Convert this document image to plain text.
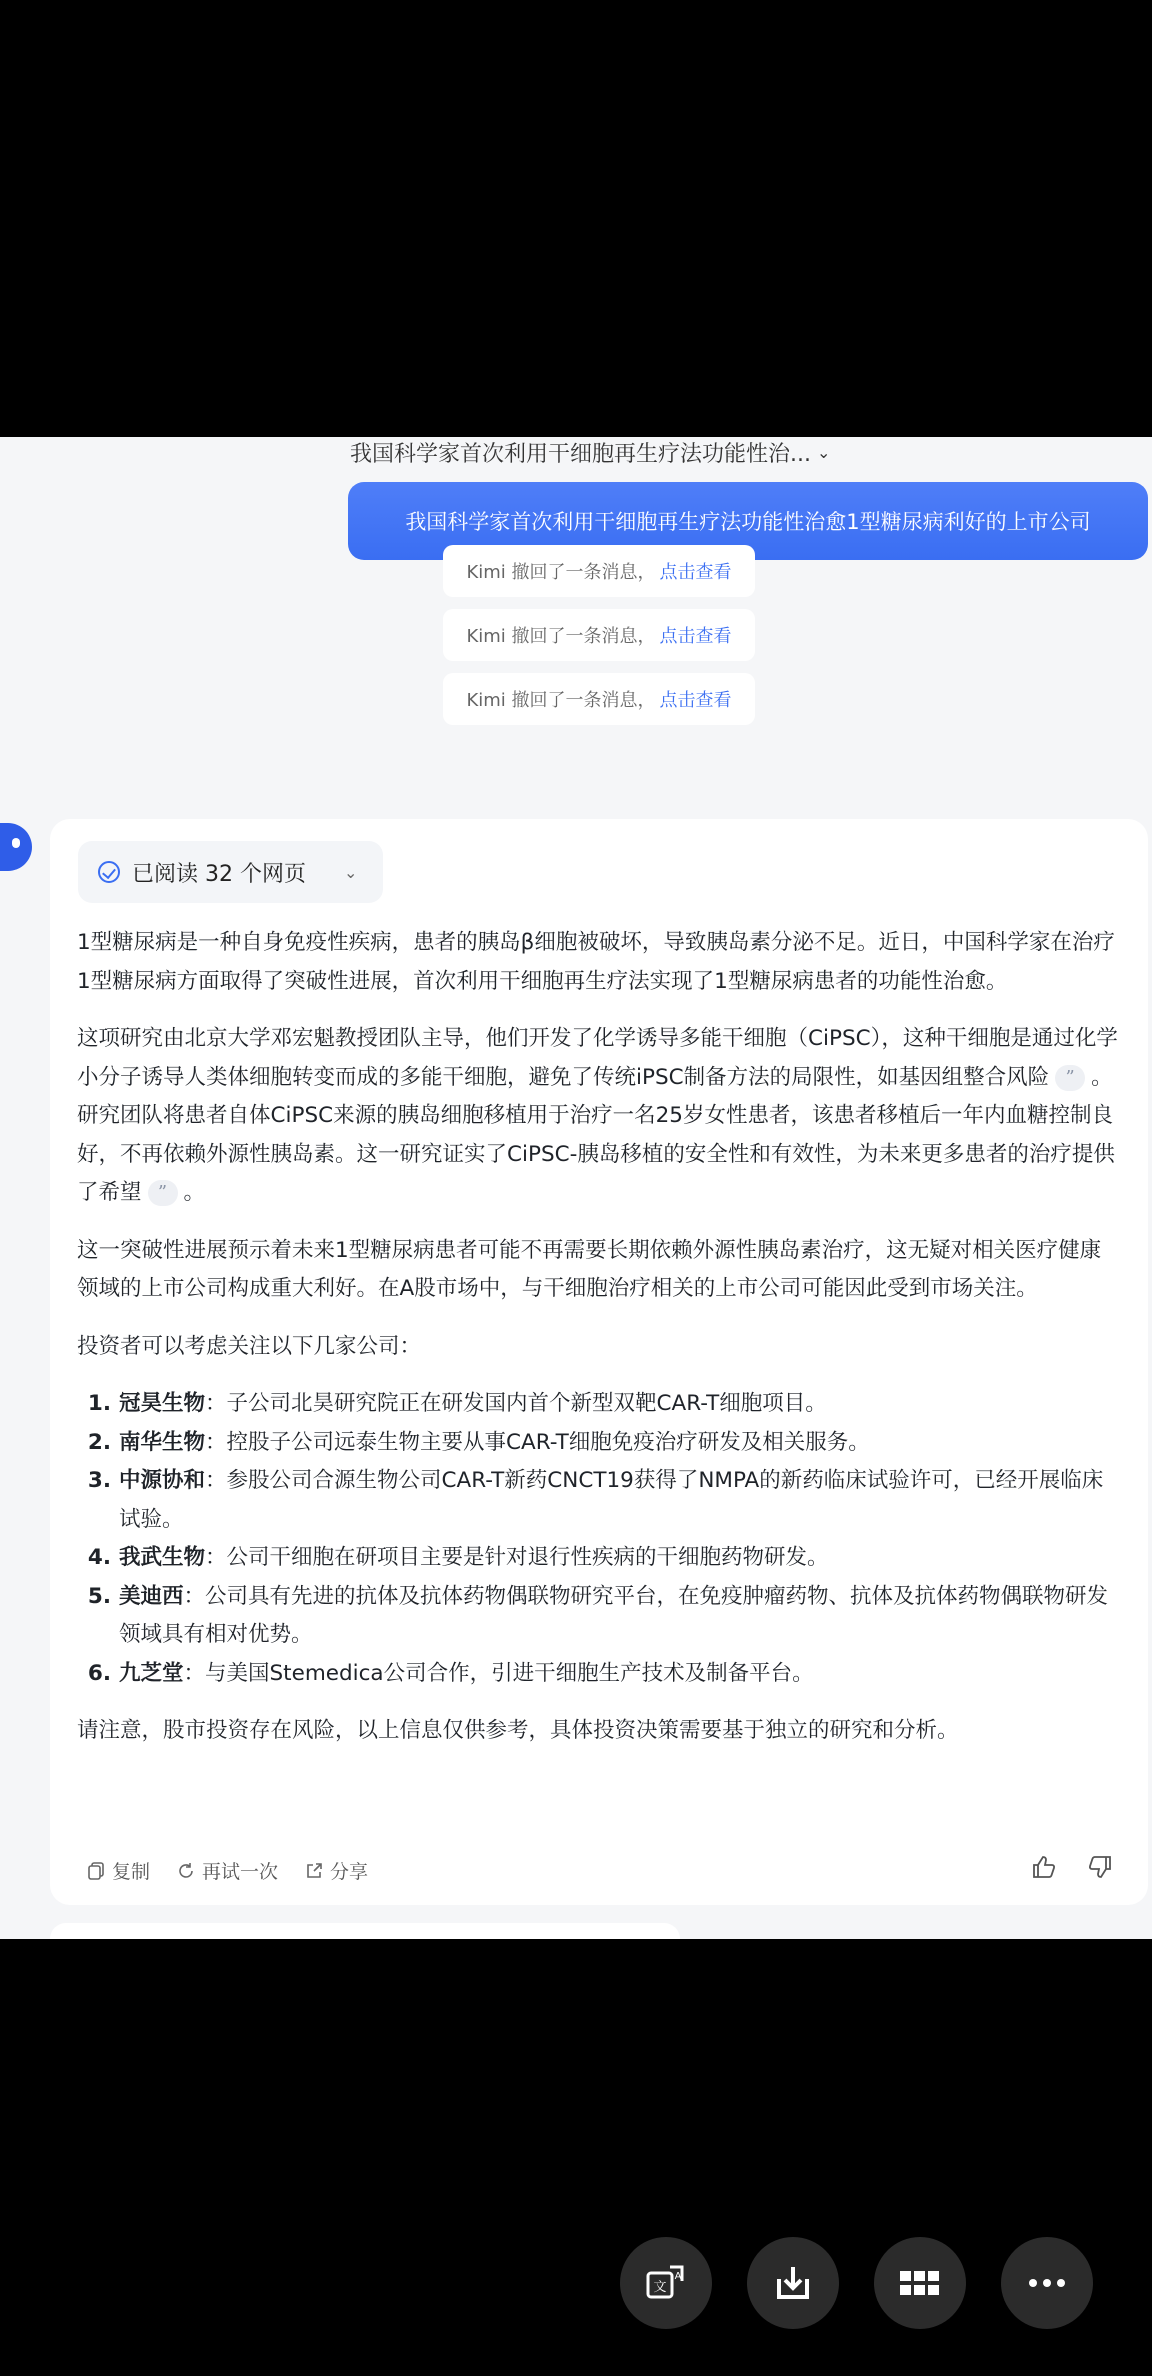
我国科学家首次利用干细胞再生疗法功能性治... ⌄
我国科学家首次利用干细胞再生疗法功能性治愈1型糖尿病利好的上市公司
Kimi 撤回了一条消息， 点击查看
Kimi 撤回了一条消息， 点击查看
Kimi 撤回了一条消息， 点击查看
已阅读 32 个网页 ⌄

1型糖尿病是一种自身免疫性疾病，患者的胰岛β细胞被破坏，导致胰岛素分泌不足。近日，中国科学家在治疗1型糖尿病方面取得了突破性进展，首次利用干细胞再生疗法实现了1型糖尿病患者的功能性治愈。

这项研究由北京大学邓宏魁教授团队主导，他们开发了化学诱导多能干细胞（CiPSC），这种干细胞是通过化学小分子诱导人类体细胞转变而成的多能干细胞，避免了传统iPSC制备方法的局限性，如基因组整合风险 ” 。研究团队将患者自体CiPSC来源的胰岛细胞移植用于治疗一名25岁女性患者，该患者移植后一年内血糖控制良好，不再依赖外源性胰岛素。这一研究证实了CiPSC-胰岛移植的安全性和有效性，为未来更多患者的治疗提供了希望 ” 。

这一突破性进展预示着未来1型糖尿病患者可能不再需要长期依赖外源性胰岛素治疗，这无疑对相关医疗健康领域的上市公司构成重大利好。在A股市场中，与干细胞治疗相关的上市公司可能因此受到市场关注。

投资者可以考虑关注以下几家公司：

1. 冠昊生物：子公司北昊研究院正在研发国内首个新型双靶CAR-T细胞项目。
2. 南华生物：控股子公司远泰生物主要从事CAR-T细胞免疫治疗研发及相关服务。
3. 中源协和：参股公司合源生物公司CAR-T新药CNCT19获得了NMPA的新药临床试验许可，已经开展临床试验。
4. 我武生物：公司干细胞在研项目主要是针对退行性疾病的干细胞药物研发。
5. 美迪西：公司具有先进的抗体及抗体药物偶联物研究平台，在免疫肿瘤药物、抗体及抗体药物偶联物研发领域具有相对优势。
6. 九芝堂：与美国Stemedica公司合作，引进干细胞生产技术及制备平台。

请注意，股市投资存在风险，以上信息仅供参考，具体投资决策需要基于独立的研究和分析。

复制	再试一次	分享
文
A
